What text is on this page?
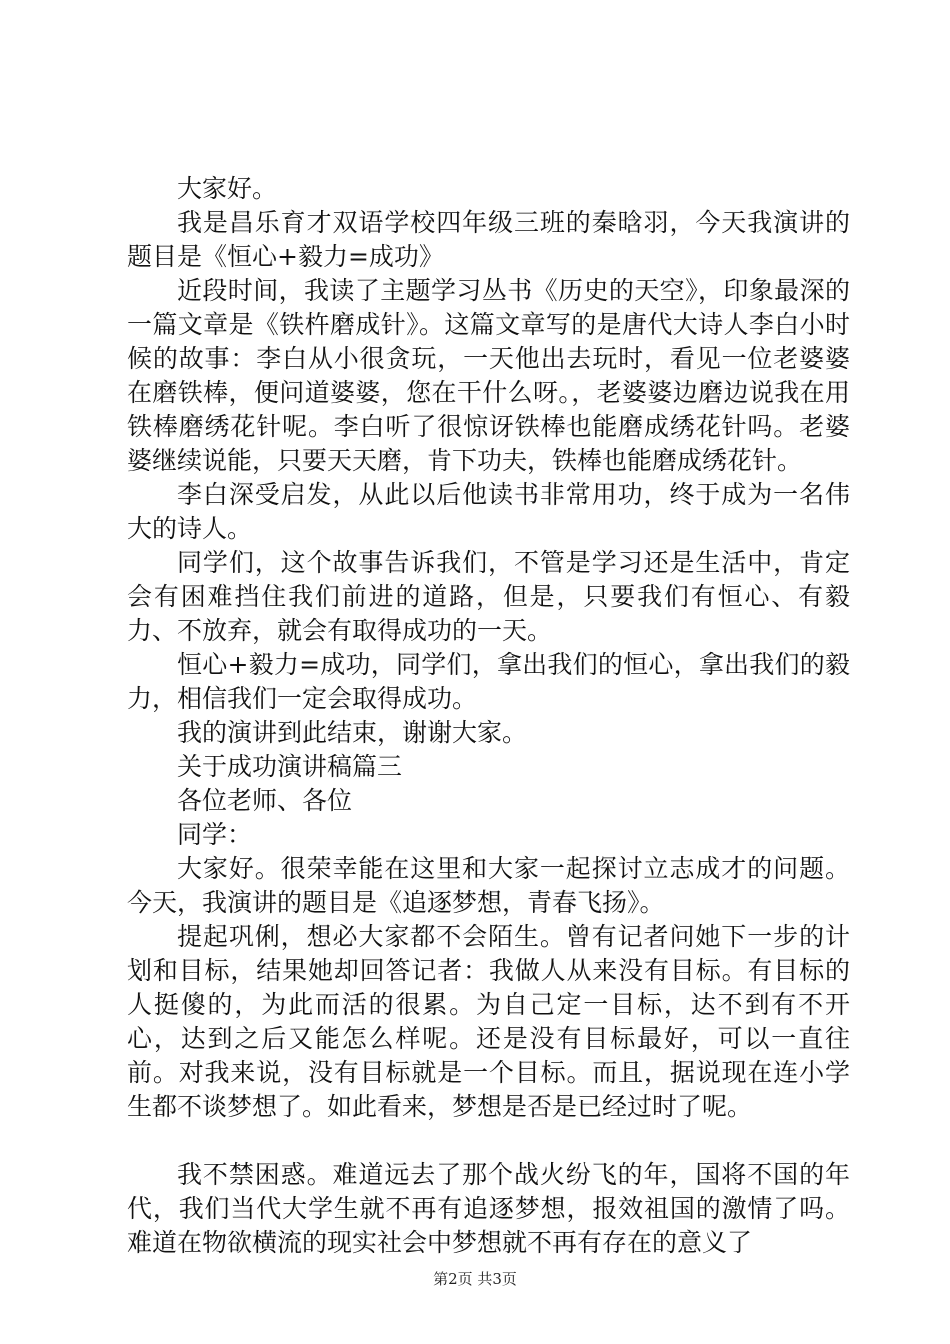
大家好。

我是昌乐育才双语学校四年级三班的秦晗羽，今天我演讲的题目是《恒心+毅力=成功》

近段时间，我读了主题学习丛书《历史的天空》，印象最深的一篇文章是《铁杵磨成针》。这篇文章写的是唐代大诗人李白小时候的故事：李白从小很贪玩，一天他出去玩时，看见一位老婆婆在磨铁棒，便问道婆婆，您在干什么呀。，老婆婆边磨边说我在用铁棒磨绣花针呢。李白听了很惊讶铁棒也能磨成绣花针吗。老婆婆继续说能，只要天天磨，肯下功夫，铁棒也能磨成绣花针。

李白深受启发，从此以后他读书非常用功，终于成为一名伟大的诗人。

同学们，这个故事告诉我们，不管是学习还是生活中，肯定会有困难挡住我们前进的道路，但是，只要我们有恒心、有毅力、不放弃，就会有取得成功的一天。

恒心+毅力=成功，同学们，拿出我们的恒心，拿出我们的毅力，相信我们一定会取得成功。

我的演讲到此结束，谢谢大家。

关于成功演讲稿篇三

各位老师、各位

同学：

大家好。很荣幸能在这里和大家一起探讨立志成才的问题。今天，我演讲的题目是《追逐梦想，青春飞扬》。

提起巩俐，想必大家都不会陌生。曾有记者问她下一步的计划和目标，结果她却回答记者：我做人从来没有目标。有目标的人挺傻的，为此而活的很累。为自己定一目标，达不到有不开心，达到之后又能怎么样呢。还是没有目标最好，可以一直往前。对我来说，没有目标就是一个目标。而且，据说现在连小学生都不谈梦想了。如此看来，梦想是否是已经过时了呢。

我不禁困惑。难道远去了那个战火纷飞的年，国将不国的年代，我们当代大学生就不再有追逐梦想，报效祖国的激情了吗。难道在物欲横流的现实社会中梦想就不再有存在的意义了

第2页 共3页
